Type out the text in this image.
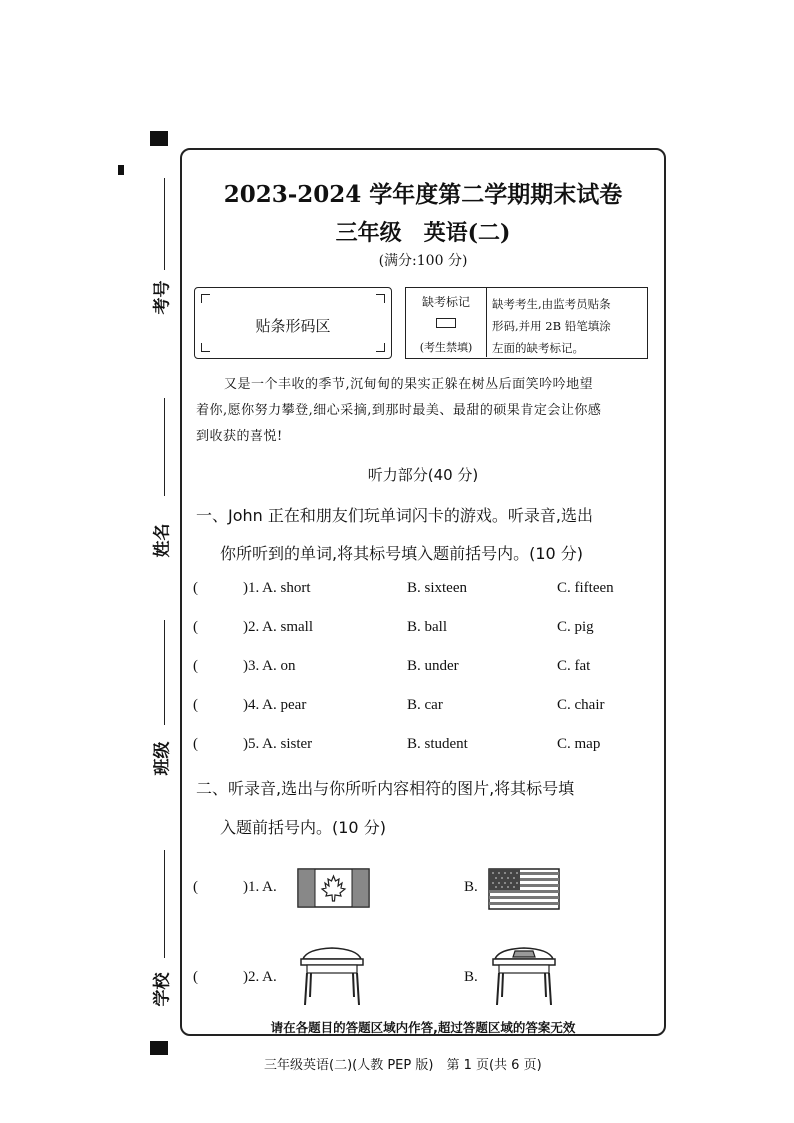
考号
姓名
班级
学校
2023-2024 学年度第二学期期末试卷
三年级　英语(二)
(满分:100 分)
贴条形码区
缺考标记
(考生禁填)
缺考考生,由监考员贴条
形码,并用 2B 铅笔填涂
左面的缺考标记。
又是一个丰收的季节,沉甸甸的果实正躲在树丛后面笑吟吟地望
着你,愿你努力攀登,细心采摘,到那时最美、最甜的硕果肯定会让你感
到收获的喜悦!
听力部分(40 分)
一、John 正在和朋友们玩单词闪卡的游戏。听录音,选出
你所听到的单词,将其标号填入题前括号内。(10 分)
(	)1. A. short	B. sixteen	C. fifteen
(	)2. A. small	B. ball	C. pig
(	)3. A. on	B. under	C. fat
(	)4. A. pear	B. car	C. chair
(	)5. A. sister	B. student	C. map
二、听录音,选出与你所听内容相符的图片,将其标号填
入题前括号内。(10 分)
(	)1. A.	B.
(	)2. A.	B.
请在各题目的答题区域内作答,超过答题区域的答案无效
三年级英语(二)(人教 PEP 版)　第 1 页(共 6 页)
